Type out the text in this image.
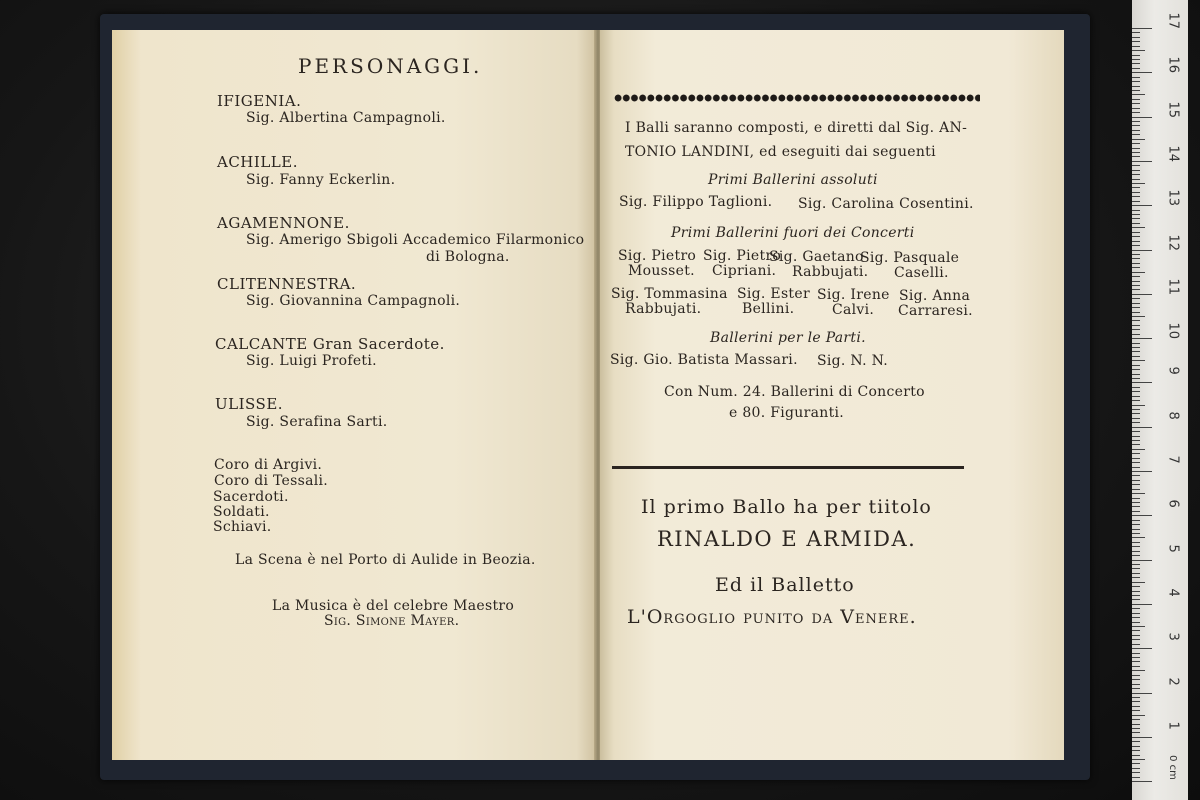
PERSONAGGI.
IFIGENIA.
Sig. Albertina Campagnoli.
ACHILLE.
Sig. Fanny Eckerlin.
AGAMENNONE.
Sig. Amerigo Sbigoli Accademico Filarmonico
di Bologna.
CLITENNESTRA.
Sig. Giovannina Campagnoli.
CALCANTE Gran Sacerdote.
Sig. Luigi Profeti.
ULISSE.
Sig. Serafina Sarti.
Coro di Argivi.
Coro di Tessali.
Sacerdoti.
Soldati.
Schiavi.
La Scena è nel Porto di Aulide in Beozia.
La Musica è del celebre Maestro
Sig. Simone Mayer.
I Balli saranno composti, e diretti dal Sig. AN-
TONIO LANDINI, ed eseguiti dai seguenti
Primi Ballerini assoluti
Sig. Filippo Taglioni. Sig. Carolina Cosentini.
Primi Ballerini fuori dei Concerti
Sig. Pietro Sig. Pietro
Sig. Gaetano
Sig. Pasquale
Mousset. Cipriani. Rabbujati. Caselli.
Sig. Tommasina Sig. Ester Sig. Irene Sig. Anna
Rabbujati.	Bellini.	Calvi. Carraresi.
Ballerini per le Parti.
Sig. Gio. Batista Massari. Sig. N. N.
Con Num. 24. Ballerini di Concerto
e 80. Figuranti.
Il primo Ballo ha per tiitolo
RINALDO E ARMIDA.
Ed il Balletto
L'Orgoglio punito da Venere.
17
16
15
14
13
12
11
10
9
8
7
6
5
4
3
2
1
0 cm
